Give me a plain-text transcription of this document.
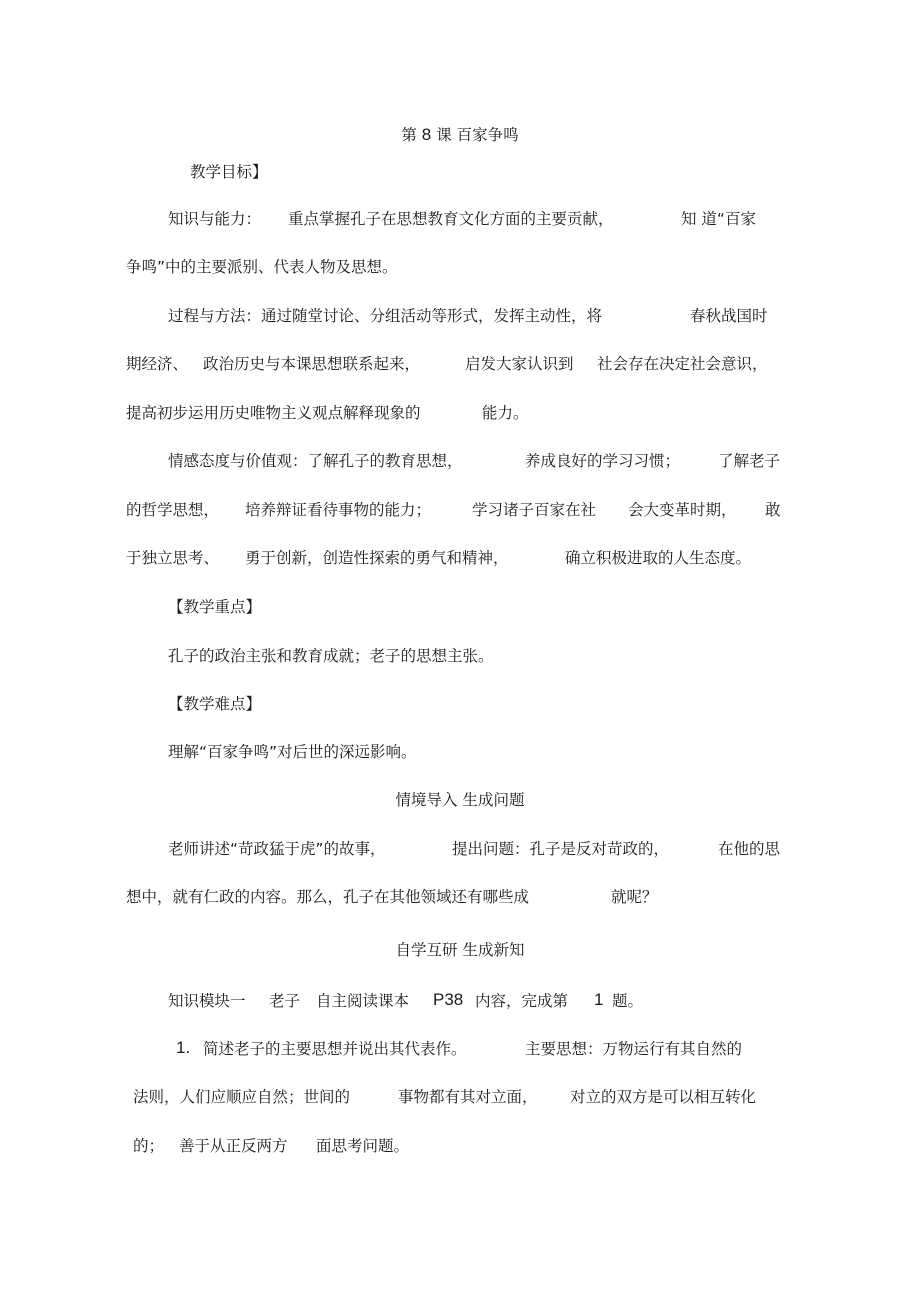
第 8 课 百家争鸣
教学目标】
知识与能力： 重点掌握孔子在思想教育文化方面的主要贡献，	知 道“百家
争鸣”中的主要派别、代表人物及思想。
过程与方法：通过随堂讨论、分组活动等形式，发挥主动性，将	春秋战国时
期经济、 政治历史与本课思想联系起来，	启发大家认识到 社会存在决定社会意识，
提高初步运用历史唯物主义观点解释现象的	能力。
情感态度与价值观：了解孔子的教育思想，	养成良好的学习习惯； 了解老子
的哲学思想， 培养辩证看待事物的能力；	学习诸子百家在社 会大变革时期， 敢
于独立思考、 勇于创新，创造性探索的勇气和精神，	确立积极进取的人生态度。
【教学重点】
孔子的政治主张和教育成就；老子的思想主张。
【教学难点】
理解“百家争鸣”对后世的深远影响。
情境导入 生成问题
老师讲述“苛政猛于虎”的故事，	提出问题：孔子是反对苛政的，	在他的思
想中，就有仁政的内容。那么，孔子在其他领域还有哪些成	就呢？
自学互研 生成新知
知识模块一 老子 自主阅读课本 P38 内容，完成第 1 题。
1. 简述老子的主要思想并说出其代表作。	主要思想：万物运行有其自然的
法则，人们应顺应自然；世间的	事物都有其对立面， 对立的双方是可以相互转化
的； 善于从正反两方 面思考问题。
